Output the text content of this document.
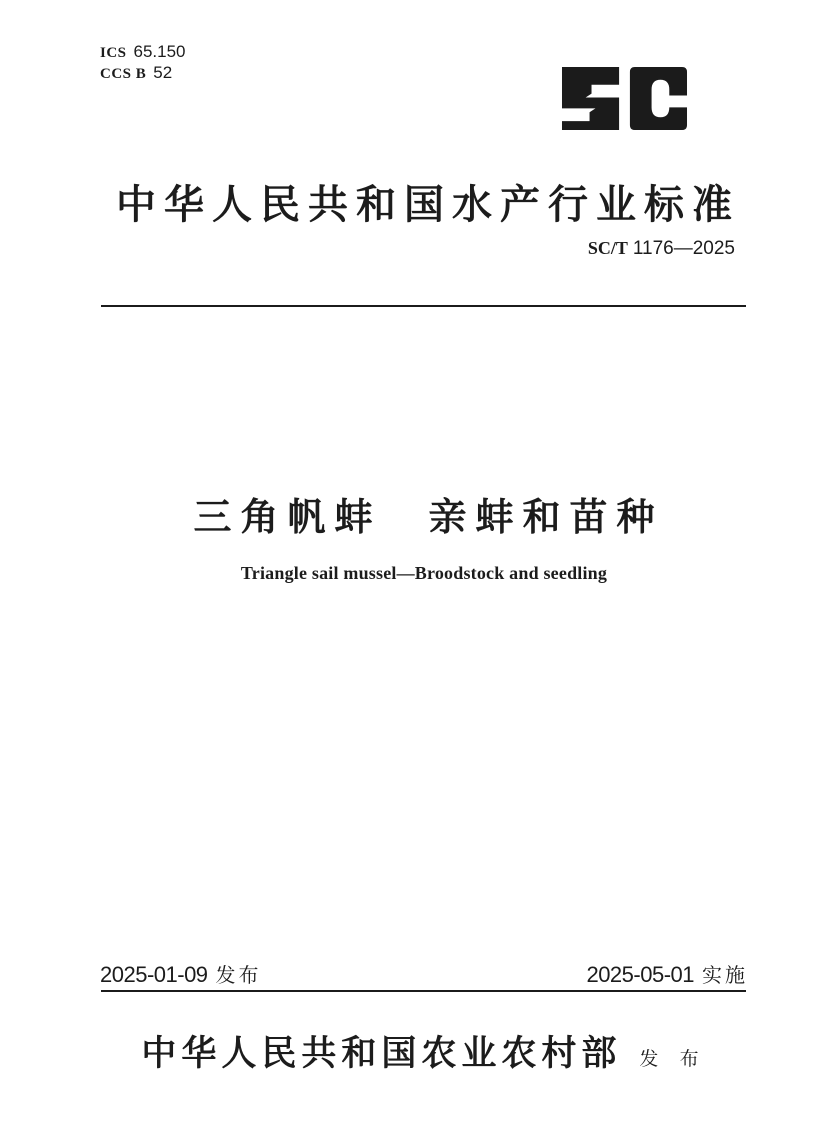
ICS 65.150
CCS B 52
中华人民共和国水产行业标准
SC/T 1176—2025
三角帆蚌　亲蚌和苗种
Triangle sail mussel—Broodstock and seedling
2025-01-09 发布	2025-05-01 实施
中华人民共和国农业农村部 发 布
